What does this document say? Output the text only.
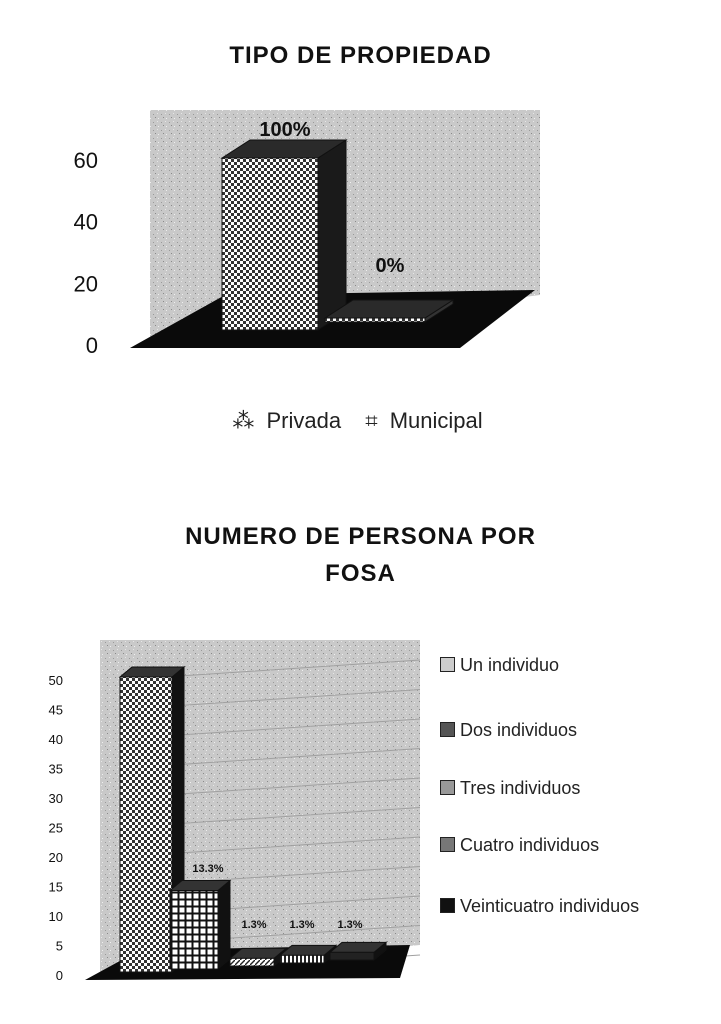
TIPO DE PROPIEDAD
NUMERO DE PERSONA POR
FOSA
0
20
40
60
100%
0%
0
5
10
15
20
25
30
35
40
45
50
13.3%
1.3% 1.3% 1.3%
⁂ Privada ⌗ Municipal
Un individuo
Dos individuos
Tres individuos
Cuatro individuos
Veinticuatro individuos
